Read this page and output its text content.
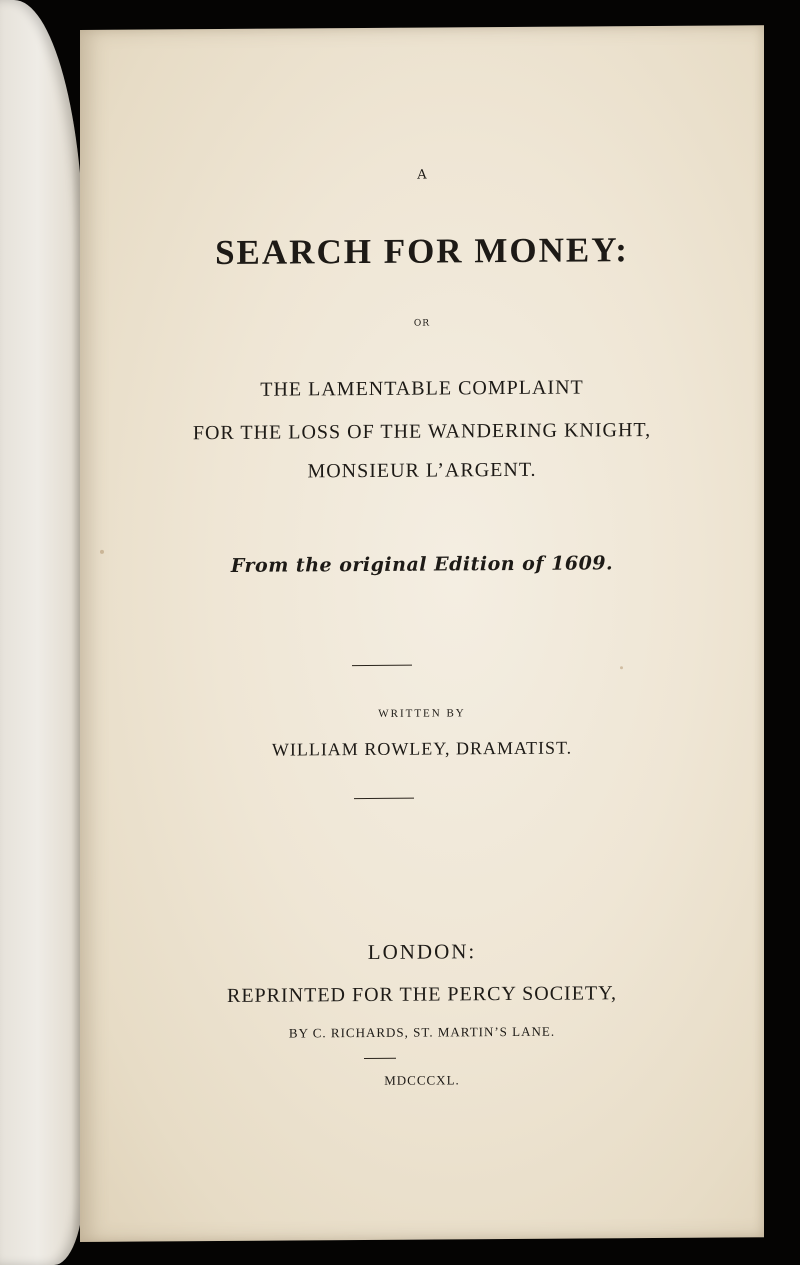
A
SEARCH FOR MONEY:
OR
THE LAMENTABLE COMPLAINT
FOR THE LOSS OF THE WANDERING KNIGHT,
MONSIEUR L’ARGENT.
From the original Edition of 1609.
WRITTEN BY
WILLIAM ROWLEY, DRAMATIST.
LONDON:
REPRINTED FOR THE PERCY SOCIETY,
BY C. RICHARDS, ST. MARTIN’S LANE.
MDCCCXL.
